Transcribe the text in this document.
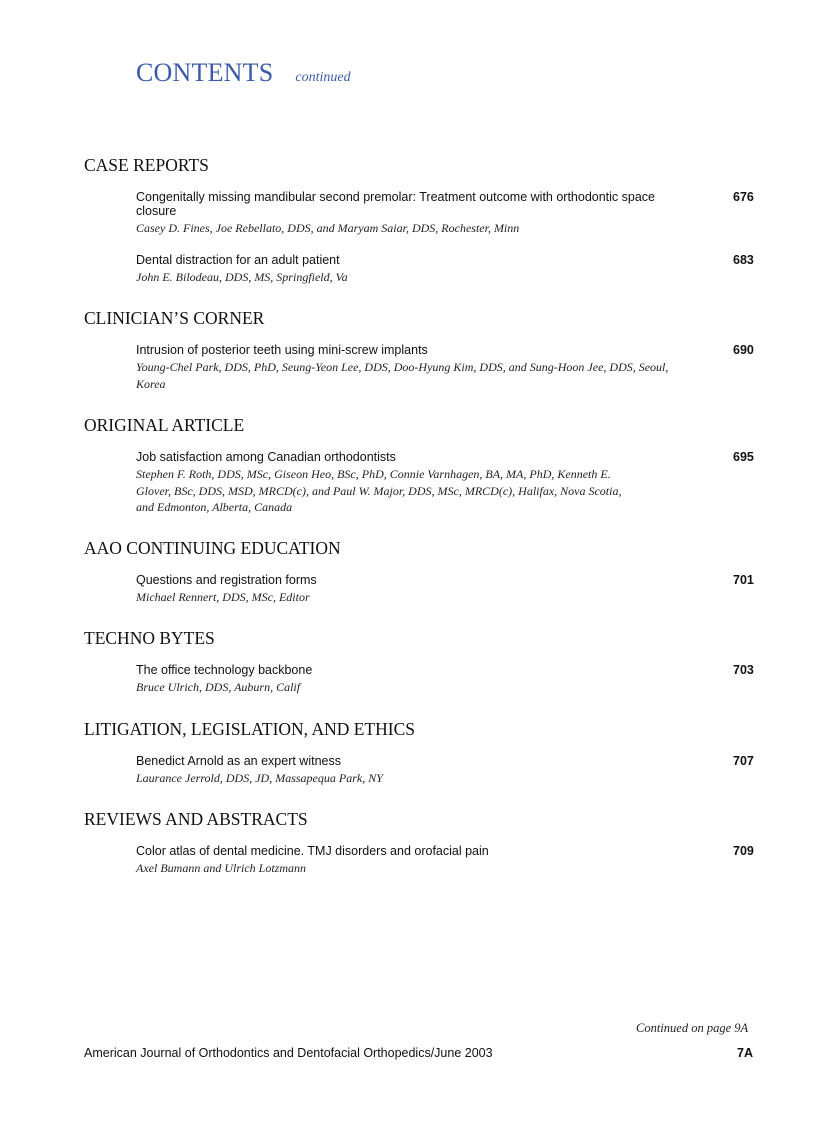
CONTENTS continued
CASE REPORTS
Congenitally missing mandibular second premolar: Treatment outcome with orthodontic space closure
Casey D. Fines, Joe Rebellato, DDS, and Maryam Saiar, DDS, Rochester, Minn
676
Dental distraction for an adult patient
John E. Bilodeau, DDS, MS, Springfield, Va
683
CLINICIAN’S CORNER
Intrusion of posterior teeth using mini-screw implants
Young-Chel Park, DDS, PhD, Seung-Yeon Lee, DDS, Doo-Hyung Kim, DDS, and Sung-Hoon Jee, DDS, Seoul, Korea
690
ORIGINAL ARTICLE
Job satisfaction among Canadian orthodontists
Stephen F. Roth, DDS, MSc, Giseon Heo, BSc, PhD, Connie Varnhagen, BA, MA, PhD, Kenneth E. Glover, BSc, DDS, MSD, MRCD(c), and Paul W. Major, DDS, MSc, MRCD(c), Halifax, Nova Scotia, and Edmonton, Alberta, Canada
695
AAO CONTINUING EDUCATION
Questions and registration forms
Michael Rennert, DDS, MSc, Editor
701
TECHNO BYTES
The office technology backbone
Bruce Ulrich, DDS, Auburn, Calif
703
LITIGATION, LEGISLATION, AND ETHICS
Benedict Arnold as an expert witness
Laurance Jerrold, DDS, JD, Massapequa Park, NY
707
REVIEWS AND ABSTRACTS
Color atlas of dental medicine. TMJ disorders and orofacial pain
Axel Bumann and Ulrich Lotzmann
709
Continued on page 9A
American Journal of Orthodontics and Dentofacial Orthopedics/June 2003	7A
